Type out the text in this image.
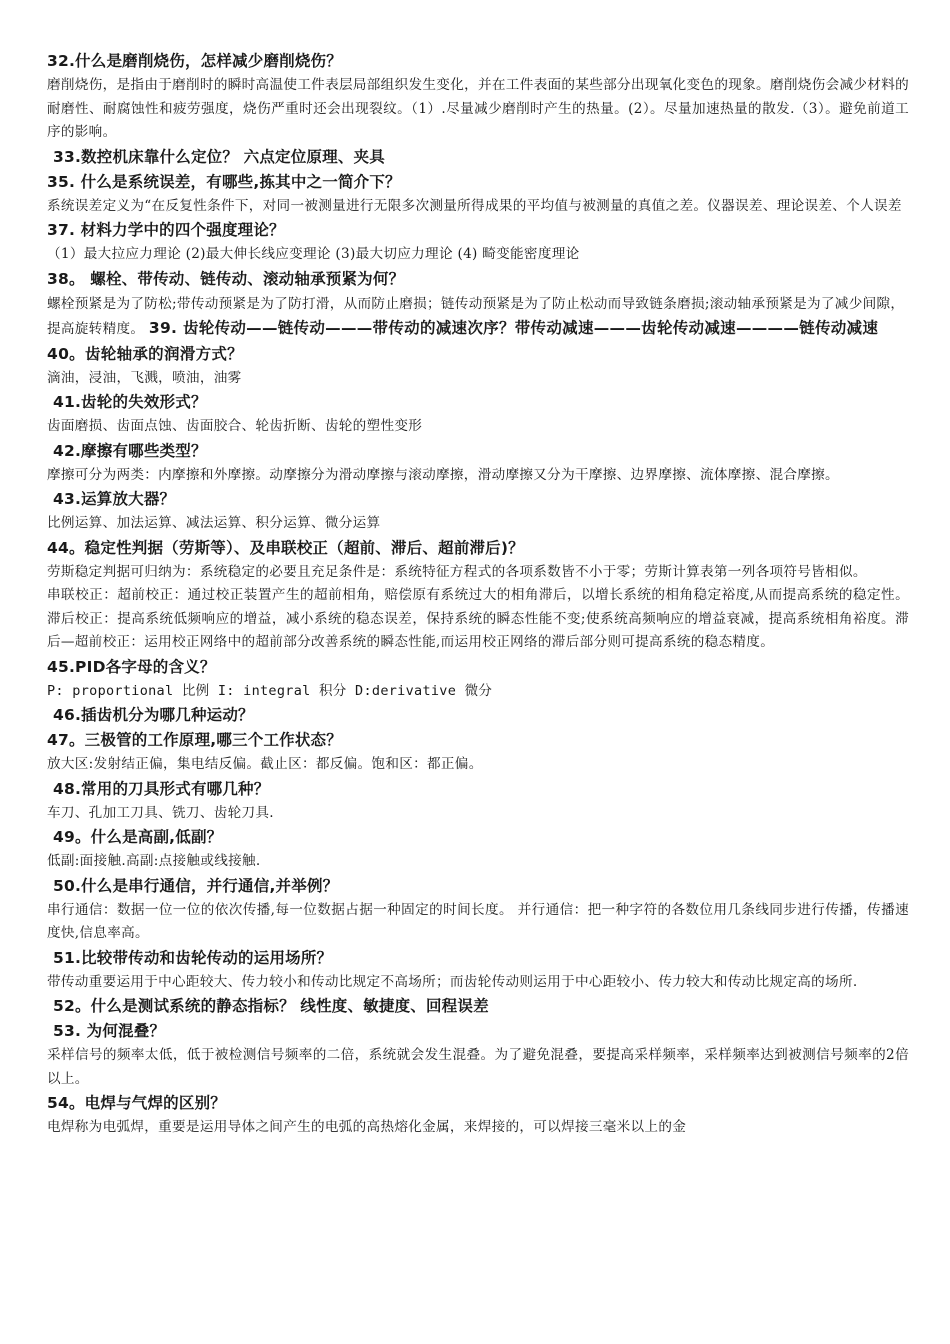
32.什么是磨削烧伤，怎样减少磨削烧伤？

磨削烧伤，是指由于磨削时的瞬时高温使工件表层局部组织发生变化，并在工件表面的某些部分出现氧化变色的现象。磨削烧伤会减少材料的耐磨性、耐腐蚀性和疲劳强度，烧伤严重时还会出现裂纹。（1）.尽量减少磨削时产生的热量。(2）。尽量加速热量的散发.（3）。避免前道工序的影响。

33.数控机床靠什么定位？ 六点定位原理、夹具

35. 什么是系统误差，有哪些,拣其中之一简介下？

系统误差定义为“在反复性条件下，对同一被测量进行无限多次测量所得成果的平均值与被测量的真值之差。仪器误差、理论误差、个人误差

37. 材料力学中的四个强度理论？

（1）最大拉应力理论 (2)最大伸长线应变理论 (3)最大切应力理论 (4) 畸变能密度理论

38。 螺栓、带传动、链传动、滚动轴承预紧为何？

螺栓预紧是为了防松;带传动预紧是为了防打滑，从而防止磨损；链传动预紧是为了防止松动而导致链条磨损;滚动轴承预紧是为了减少间隙，提高旋转精度。 39. 齿轮传动——链传动———带传动的减速次序？带传动减速———齿轮传动减速————链传动减速 40。齿轮轴承的润滑方式？

滴油，浸油，飞溅，喷油，油雾

41.齿轮的失效形式？

齿面磨损、齿面点蚀、齿面胶合、轮齿折断、齿轮的塑性变形

42.摩擦有哪些类型？

摩擦可分为两类：内摩擦和外摩擦。动摩擦分为滑动摩擦与滚动摩擦，滑动摩擦又分为干摩擦、边界摩擦、流体摩擦、混合摩擦。

43.运算放大器？

比例运算、加法运算、减法运算、积分运算、微分运算

44。稳定性判据（劳斯等）、及串联校正（超前、滞后、超前滞后)？

劳斯稳定判据可归纳为：系统稳定的必要且充足条件是：系统特征方程式的各项系数皆不小于零；劳斯计算表第一列各项符号皆相似。

串联校正：超前校正：通过校正装置产生的超前相角，赔偿原有系统过大的相角滞后，以增长系统的相角稳定裕度,从而提高系统的稳定性。滞后校正：提高系统低频响应的增益，减小系统的稳态误差，保持系统的瞬态性能不变;使系统高频响应的增益衰减，提高系统相角裕度。滞后—超前校正：运用校正网络中的超前部分改善系统的瞬态性能,而运用校正网络的滞后部分则可提高系统的稳态精度。

45.PID各字母的含义？

P: proportional 比例 I: integral 积分 D:derivative 微分

46.插齿机分为哪几种运动？

47。三极管的工作原理,哪三个工作状态？

放大区:发射结正偏，集电结反偏。截止区：都反偏。饱和区：都正偏。

48.常用的刀具形式有哪几种？

车刀、孔加工刀具、铣刀、齿轮刀具.

49。什么是高副,低副？

低副:面接触.高副:点接触或线接触.

50.什么是串行通信，并行通信,并举例？

串行通信：数据一位一位的依次传播,每一位数据占据一种固定的时间长度。 并行通信：把一种字符的各数位用几条线同步进行传播，传播速度快,信息率高。

51.比较带传动和齿轮传动的运用场所？

带传动重要运用于中心距较大、传力较小和传动比规定不高场所；而齿轮传动则运用于中心距较小、传力较大和传动比规定高的场所.

52。什么是测试系统的静态指标？ 线性度、敏捷度、回程误差

53. 为何混叠？

采样信号的频率太低，低于被检测信号频率的二倍，系统就会发生混叠。为了避免混叠，要提高采样频率，采样频率达到被测信号频率的2倍以上。

54。电焊与气焊的区别？

电焊称为电弧焊，重要是运用导体之间产生的电弧的高热熔化金属，来焊接的，可以焊接三毫米以上的金
